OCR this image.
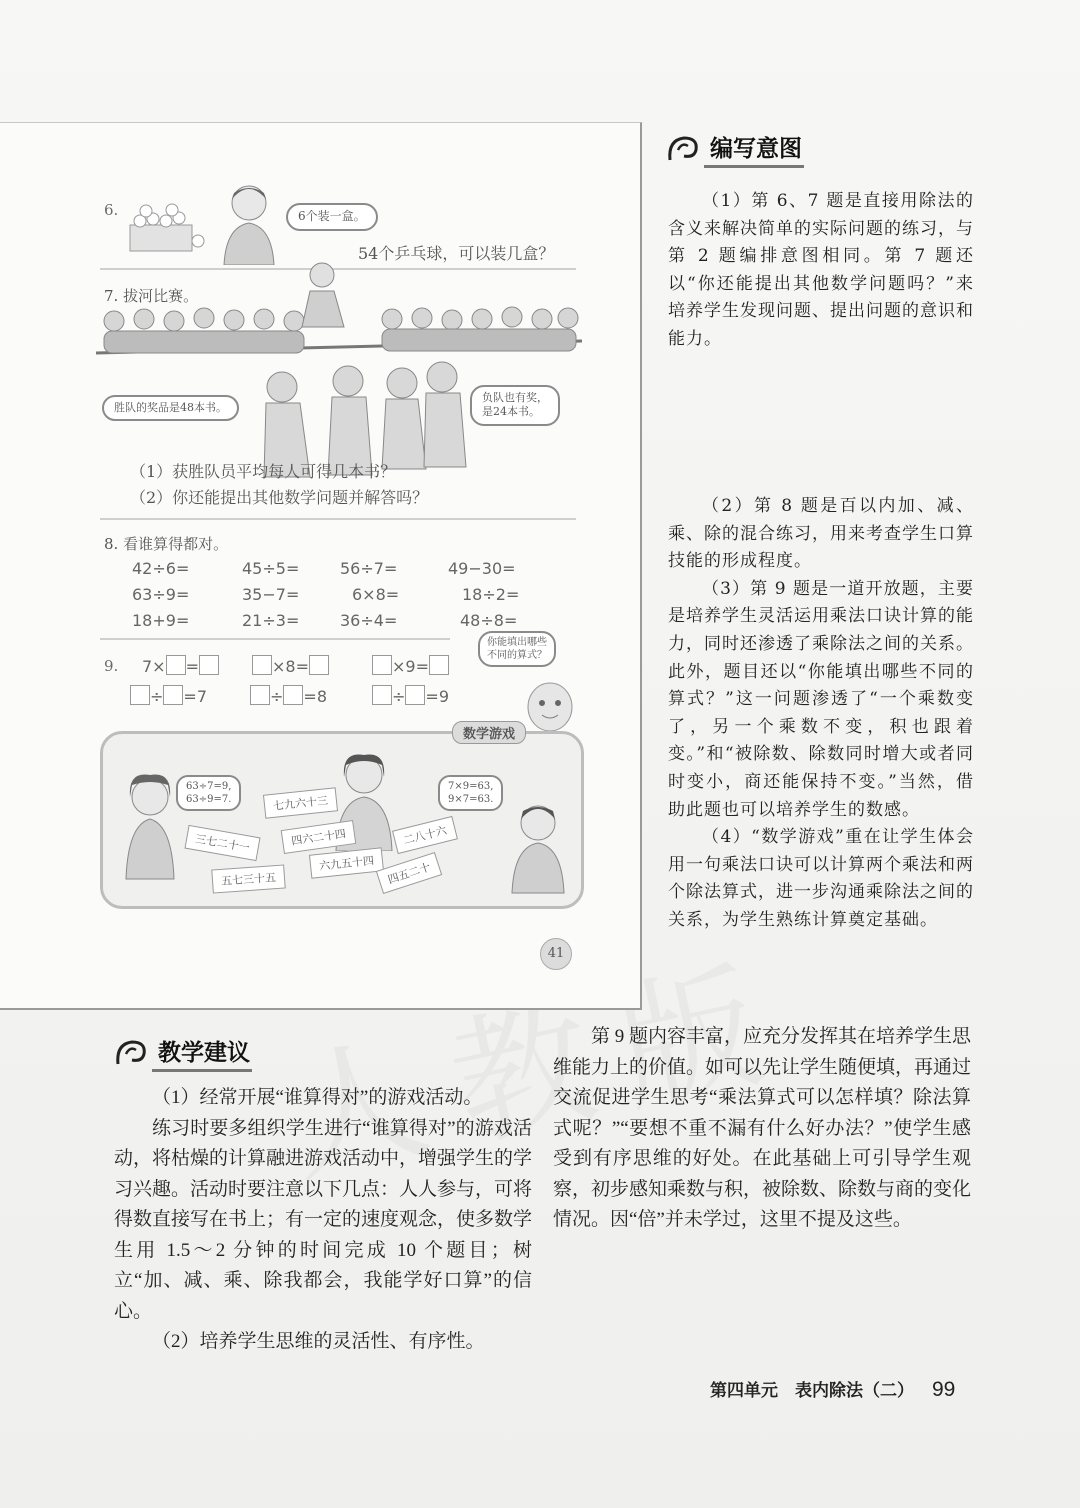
6.	6个装一盒。
54个乒乓球，可以装几盒？
7. 拔河比赛。
胜队的奖品是48本书。
负队也有奖，
是24本书。
（1）获胜队员平均每人可得几本书？
（2）你还能提出其他数学问题并解答吗？
8. 看谁算得都对。
42÷6=	45÷5=	56÷7=	49−30=
63÷9=	35−7=	6×8=	18÷2=
18+9=	21÷3=	36÷4=	48÷8=
9. 7× =	×8=	×9=
÷ =7	÷ =8	÷ =9
你能填出哪些
不同的算式？
数学游戏
63÷7=9,
63÷9=7.
7×9=63,
9×7=63.
七九六十三
三七二十一	四六二十四	二八十六
五七三十五
六九五十四	四五二十
41
编写意图

（1）第 6、7 题是直接用除法的含义来解决简单的实际问题的练习，与第 2 题编排意图相同。第 7 题还以“你还能提出其他数学问题吗？”来培养学生发现问题、提出问题的意识和能力。

（2）第 8 题是百以内加、减、乘、除的混合练习，用来考查学生口算技能的形成程度。

（3）第 9 题是一道开放题，主要是培养学生灵活运用乘法口诀计算的能力，同时还渗透了乘除法之间的关系。此外，题目还以“你能填出哪些不同的算式？”这一问题渗透了“一个乘数变了，另一个乘数不变，积也跟着变。”和“被除数、除数同时增大或者同时变小，商还能保持不变。”当然，借助此题也可以培养学生的数感。

（4）“数学游戏”重在让学生体会用一句乘法口诀可以计算两个乘法和两个除法算式，进一步沟通乘除法之间的关系，为学生熟练计算奠定基础。

教学建议

（1）经常开展“谁算得对”的游戏活动。

练习时要多组织学生进行“谁算得对”的游戏活动，将枯燥的计算融进游戏活动中，增强学生的学习兴趣。活动时要注意以下几点：人人参与，可将得数直接写在书上；有一定的速度观念，使多数学生用 1.5～2 分钟的时间完成 10 个题目；树立“加、减、乘、除我都会，我能学好口算”的信心。

（2）培养学生思维的灵活性、有序性。

第 9 题内容丰富，应充分发挥其在培养学生思维能力上的价值。如可以先让学生随便填，再通过交流促进学生思考“乘法算式可以怎样填？除法算式呢？”“要想不重不漏有什么好办法？”使学生感受到有序思维的好处。在此基础上可引导学生观察，初步感知乘数与积，被除数、除数与商的变化情况。因“倍”并未学过，这里不提及这些。

第四单元　表内除法（二） 99
